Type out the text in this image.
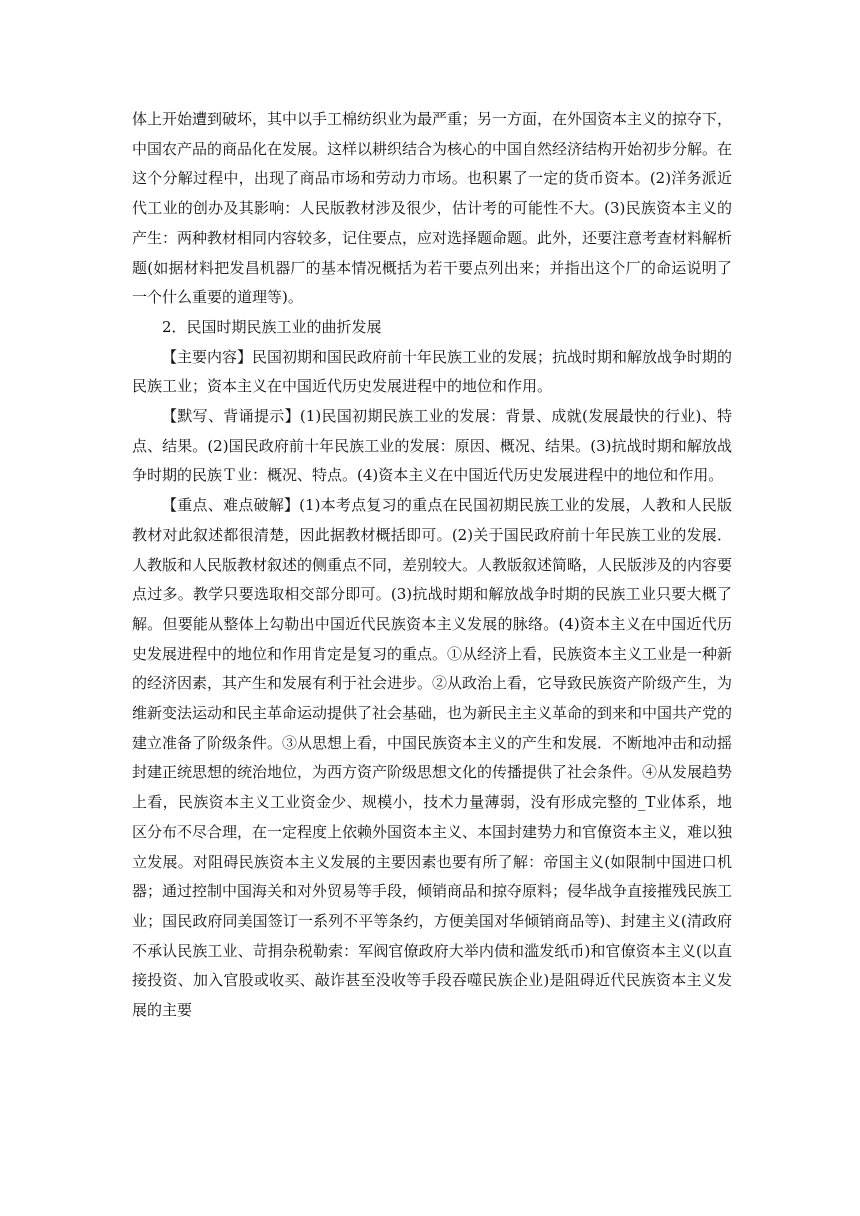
体上开始遭到破坏，其中以手工棉纺织业为最严重；另一方面，在外国资本主义的掠夺下，中国农产品的商品化在发展。这样以耕织结合为核心的中国自然经济结构开始初步分解。在这个分解过程中，出现了商品市场和劳动力市场。也积累了一定的货币资本。(2)洋务派近代工业的创办及其影响：人民版教材涉及很少，估计考的可能性不大。(3)民族资本主义的产生：两种教材相同内容较多，记住要点，应对选择题命题。此外，还要注意考查材料解析题(如据材料把发昌机器厂的基本情况概括为若干要点列出来；并指出这个厂的命运说明了一个什么重要的道理等)。

2．民国时期民族工业的曲折发展

【主要内容】民国初期和国民政府前十年民族工业的发展；抗战时期和解放战争时期的民族工业；资本主义在中国近代历史发展进程中的地位和作用。

【默写、背诵提示】(1)民国初期民族工业的发展：背景、成就(发展最快的行业)、特点、结果。(2)国民政府前十年民族工业的发展：原因、概况、结果。(3)抗战时期和解放战争时期的民族Ｔ业：概况、特点。(4)资本主义在中国近代历史发展进程中的地位和作用。

【重点、难点破解】(1)本考点复习的重点在民国初期民族工业的发展，人教和人民版教材对此叙述都很清楚，因此据教材概括即可。(2)关于国民政府前十年民族工业的发展．人教版和人民版教材叙述的侧重点不同，差别较大。人教版叙述简略，人民版涉及的内容要点过多。教学只要选取相交部分即可。(3)抗战时期和解放战争时期的民族工业只要大概了解。但要能从整体上勾勒出中国近代民族资本主义发展的脉络。(4)资本主义在中国近代历史发展进程中的地位和作用肯定是复习的重点。①从经济上看，民族资本主义工业是一种新的经济因素，其产生和发展有利于社会进步。②从政治上看，它导致民族资产阶级产生，为维新变法运动和民主革命运动提供了社会基础，也为新民主主义革命的到来和中国共产党的建立准备了阶级条件。③从思想上看，中国民族资本主义的产生和发展．不断地冲击和动摇封建正统思想的统治地位，为西方资产阶级思想文化的传播提供了社会条件。④从发展趋势上看，民族资本主义工业资金少、规模小，技术力量薄弱，没有形成完整的_T业体系，地区分布不尽合理，在一定程度上依赖外国资本主义、本国封建势力和官僚资本主义，难以独立发展。对阻碍民族资本主义发展的主要因素也要有所了解：帝国主义(如限制中国进口机器；通过控制中国海关和对外贸易等手段，倾销商品和掠夺原料；侵华战争直接摧残民族工业；国民政府同美国签订一系列不平等条约，方便美国对华倾销商品等)、封建主义(清政府不承认民族工业、苛捐杂税勒索：军阀官僚政府大举内债和滥发纸币)和官僚资本主义(以直接投资、加入官股或收买、敲诈甚至没收等手段吞噬民族企业)是阻碍近代民族资本主义发展的主要
